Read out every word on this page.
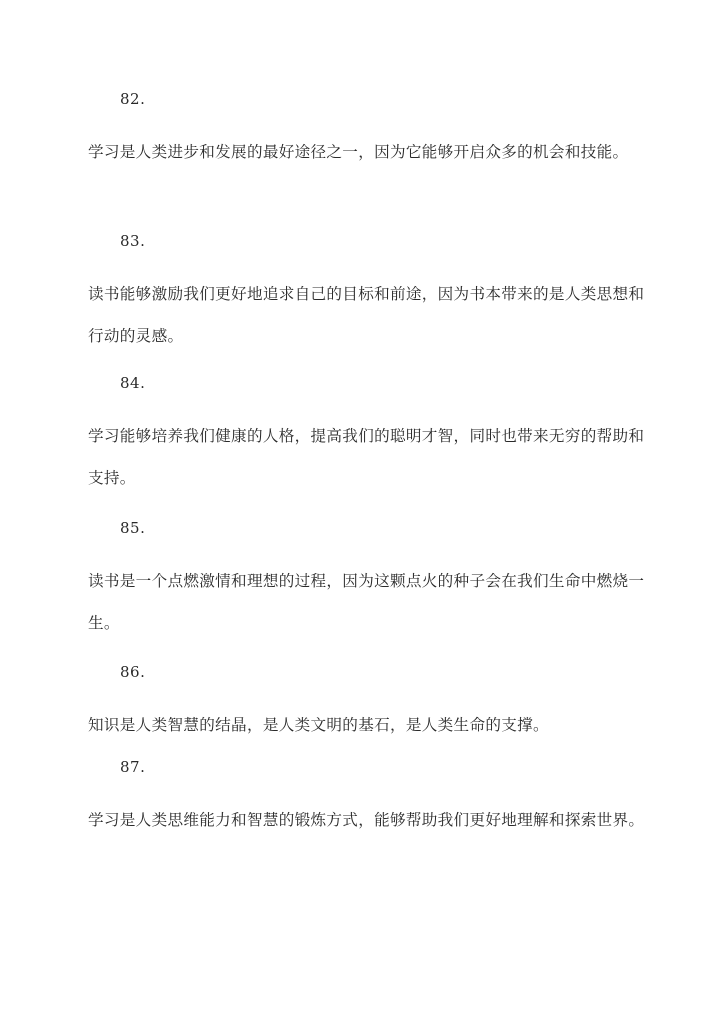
82.
学习是人类进步和发展的最好途径之一，因为它能够开启众多的机会和技能。
83.
读书能够激励我们更好地追求自己的目标和前途，因为书本带来的是人类思想和行动的灵感。
84.
学习能够培养我们健康的人格，提高我们的聪明才智，同时也带来无穷的帮助和支持。
85.
读书是一个点燃激情和理想的过程，因为这颗点火的种子会在我们生命中燃烧一生。
86.
知识是人类智慧的结晶，是人类文明的基石，是人类生命的支撑。
87.
学习是人类思维能力和智慧的锻炼方式，能够帮助我们更好地理解和探索世界。
